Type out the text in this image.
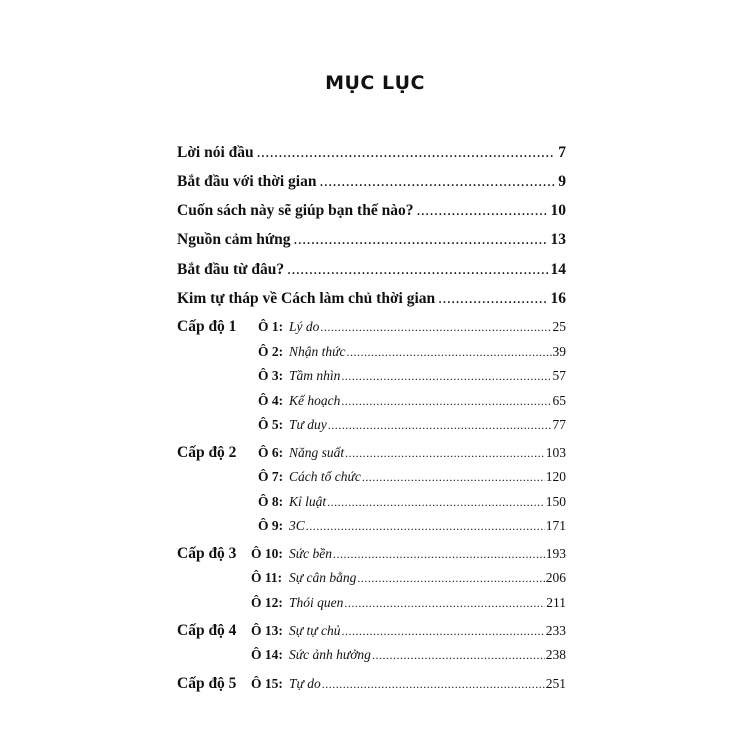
MỤC LỤC
Lời nói đầu .....	7
Bắt đầu với thời gian .....	9
Cuốn sách này sẽ giúp bạn thế nào? .....	10
Nguồn cảm hứng .....	13
Bắt đầu từ đâu? .....	14
Kim tự tháp về Cách làm chủ thời gian .....	16
Cấp độ 1 Ô 1: Lý do .....	25
Ô 2: Nhận thức .....	39
Ô 3: Tầm nhìn .....	57
Ô 4: Kế hoạch .....	65
Ô 5: Tư duy .....	77
Cấp độ 2 Ô 6: Năng suất .....	103
Ô 7: Cách tổ chức .....	120
Ô 8: Kỉ luật .....	150
Ô 9: 3C .....	171
Cấp độ 3 Ô 10: Sức bền .....	193
Ô 11: Sự cân bằng .....	206
Ô 12: Thói quen .....	211
Cấp độ 4 Ô 13: Sự tự chủ .....	233
Ô 14: Sức ảnh hưởng .....	238
Cấp độ 5 Ô 15: Tự do .....	251
